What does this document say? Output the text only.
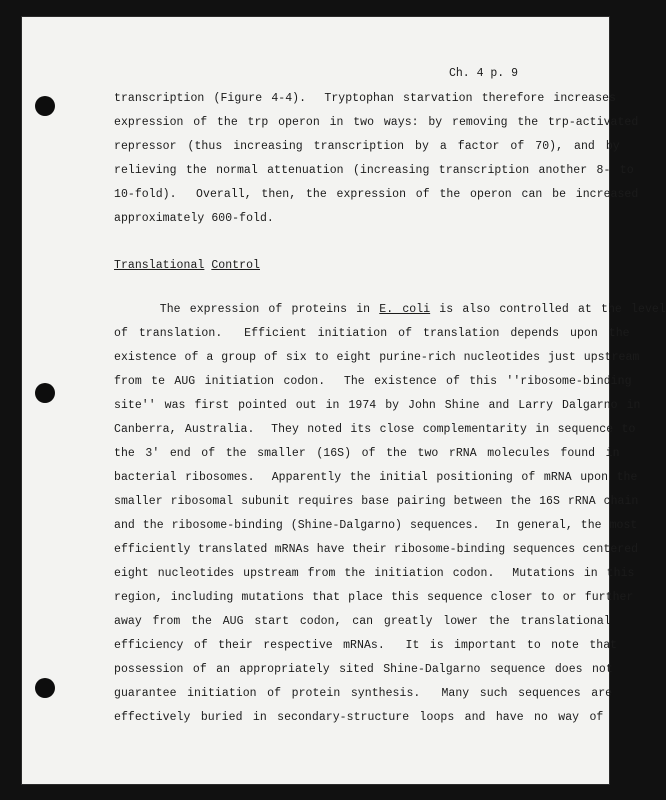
Ch. 4 p. 9
transcription (Figure 4-4).  Tryptophan starvation therefore increases
expression of the trp operon in two ways: by removing the trp-activated
repressor (thus increasing transcription by a factor of 70), and by
relieving the normal attenuation (increasing transcription another 8- to
10-fold).  Overall, then, the expression of the operon can be increased
approximately 600-fold.
Translational Control
The expression of proteins in E. coli is also controlled at the level
of translation.  Efficient initiation of translation depends upon the
existence of a group of six to eight purine-rich nucleotides just upstream
from te AUG initiation codon.  The existence of this ''ribosome-binding
site'' was first pointed out in 1974 by John Shine and Larry Dalgarno in
Canberra, Australia.  They noted its close complementarity in sequence to
the 3' end of the smaller (16S) of the two rRNA molecules found in
bacterial ribosomes.  Apparently the initial positioning of mRNA upon the
smaller ribosomal subunit requires base pairing between the 16S rRNA chain
and the ribosome-binding (Shine-Dalgarno) sequences.  In general, the most
efficiently translated mRNAs have their ribosome-binding sequences centered
eight nucleotides upstream from the initiation codon.  Mutations in this
region, including mutations that place this sequence closer to or further
away from the AUG start codon, can greatly lower the translational
efficiency of their respective mRNAs.  It is important to note that
possession of an appropriately sited Shine-Dalgarno sequence does not
guarantee initiation of protein synthesis.  Many such sequences are
effectively buried in secondary-structure loops and have no way of
